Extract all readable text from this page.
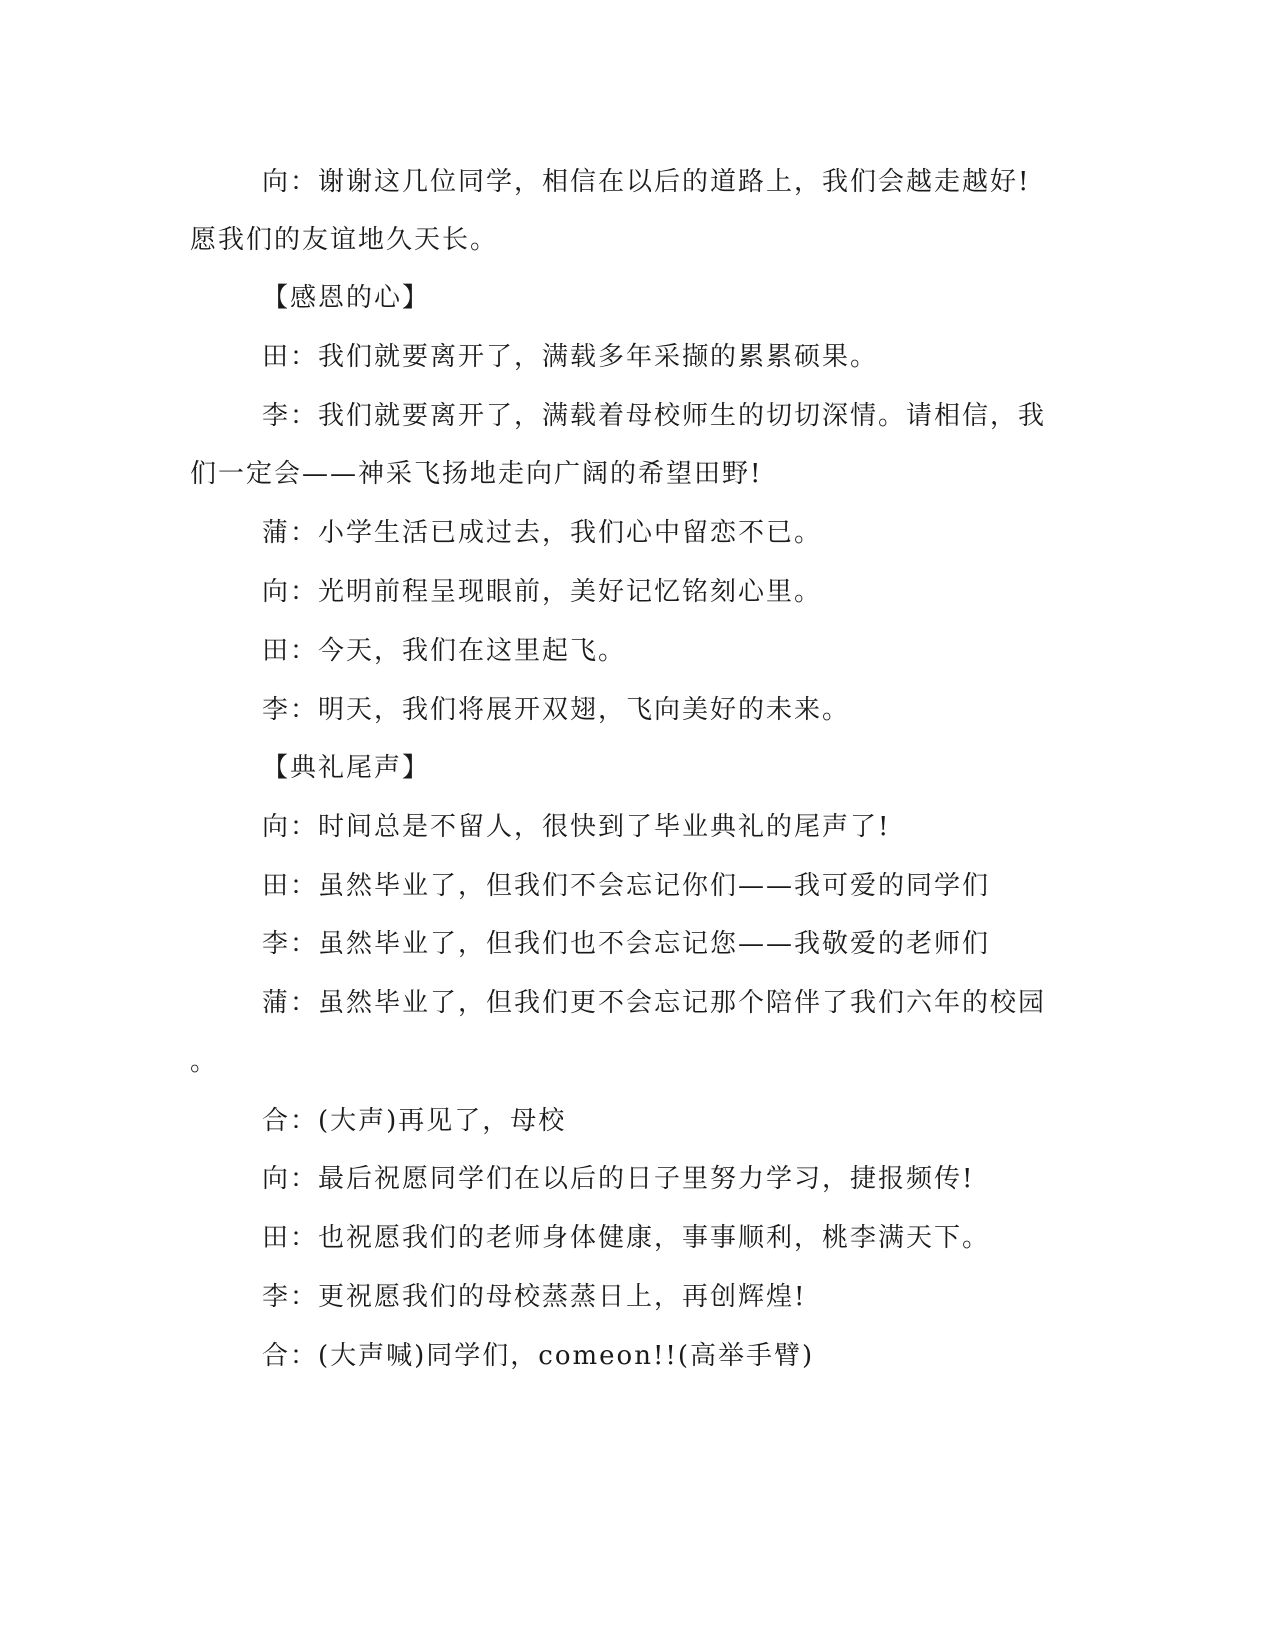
向：谢谢这几位同学，相信在以后的道路上，我们会越走越好!
愿我们的友谊地久天长。
【感恩的心】
田：我们就要离开了，满载多年采撷的累累硕果。
李：我们就要离开了，满载着母校师生的切切深情。请相信，我
们一定会——神采飞扬地走向广阔的希望田野!
蒲：小学生活已成过去，我们心中留恋不已。
向：光明前程呈现眼前，美好记忆铭刻心里。
田：今天，我们在这里起飞。
李：明天，我们将展开双翅，飞向美好的未来。
【典礼尾声】
向：时间总是不留人，很快到了毕业典礼的尾声了!
田：虽然毕业了，但我们不会忘记你们——我可爱的同学们
李：虽然毕业了，但我们也不会忘记您——我敬爱的老师们
蒲：虽然毕业了，但我们更不会忘记那个陪伴了我们六年的校园
。
合：(大声)再见了，母校
向：最后祝愿同学们在以后的日子里努力学习，捷报频传!
田：也祝愿我们的老师身体健康，事事顺利，桃李满天下。
李：更祝愿我们的母校蒸蒸日上，再创辉煌!
合：(大声喊)同学们，comeon!!(高举手臂)
